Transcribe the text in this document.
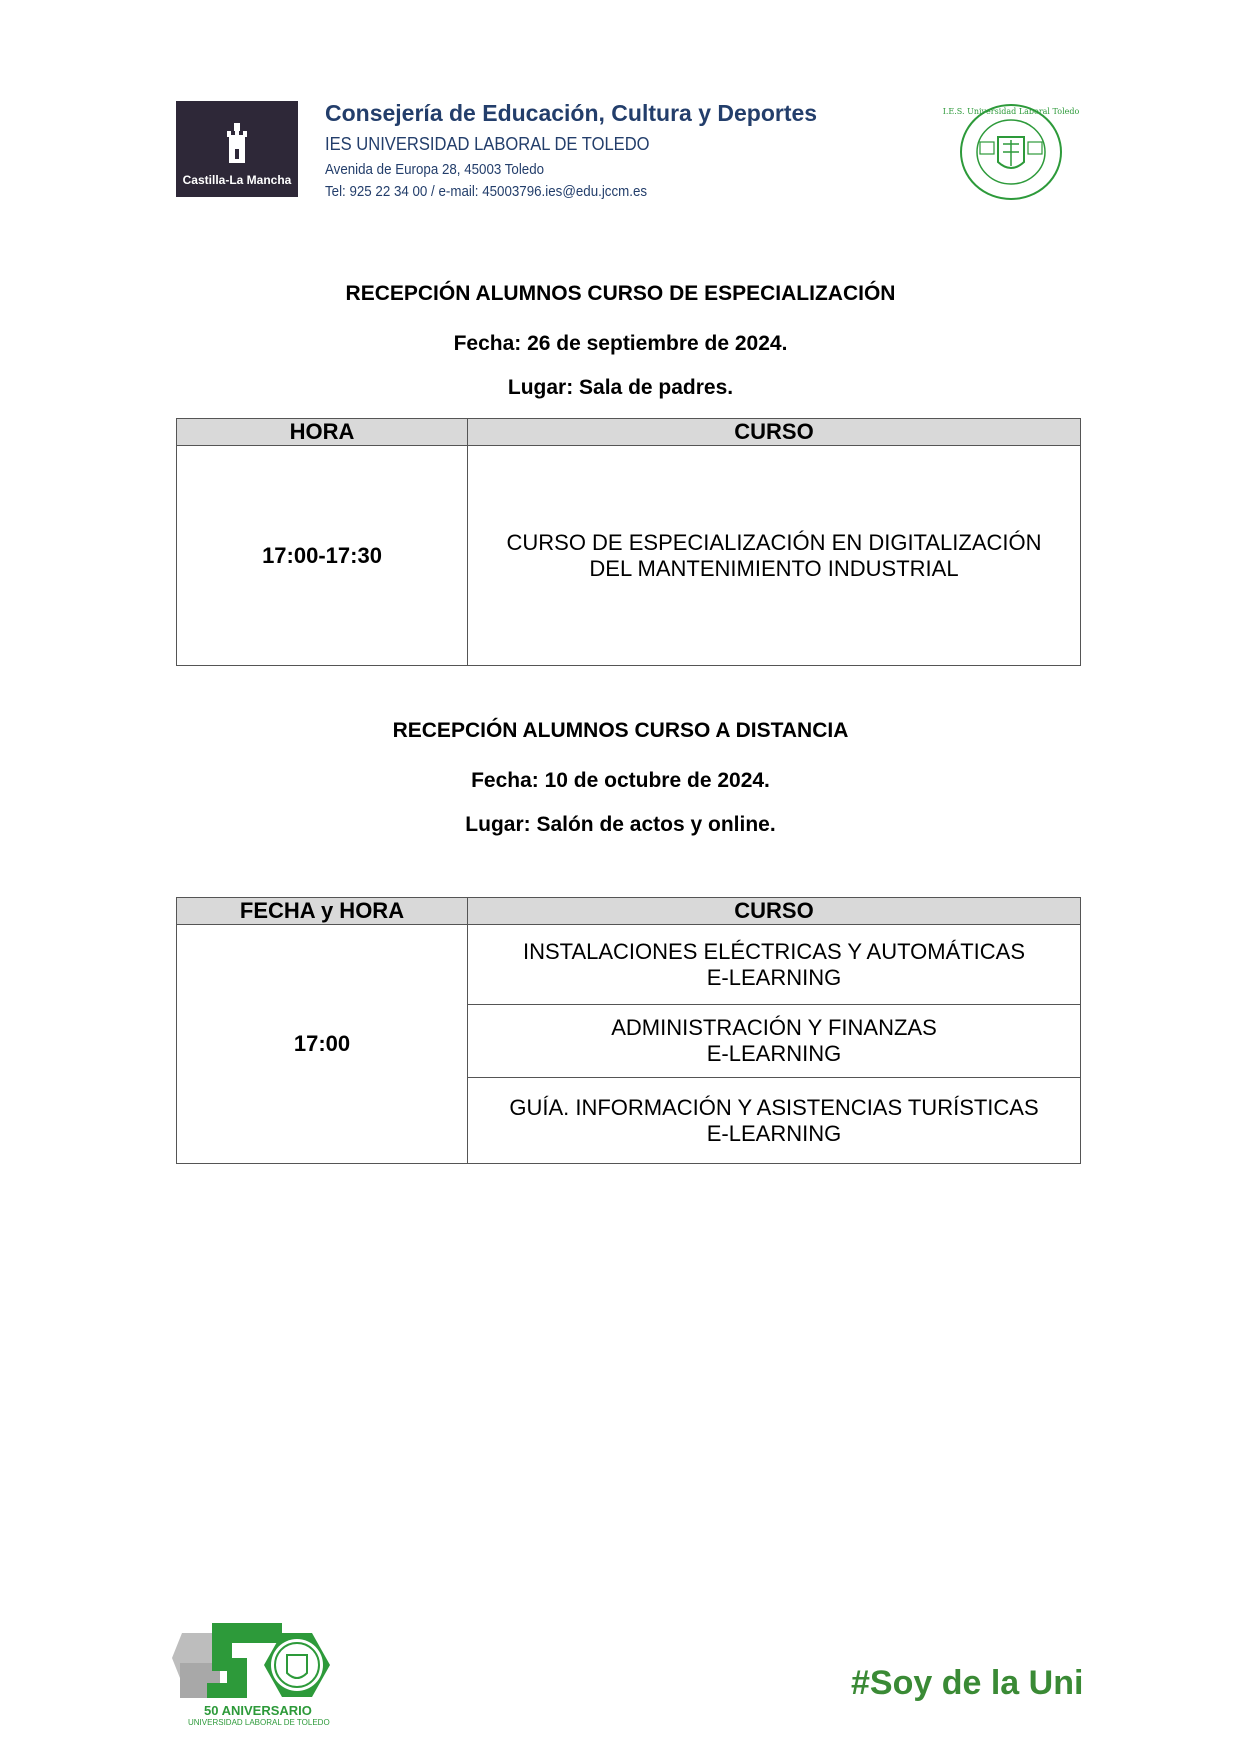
Castilla-La Mancha
Consejería de Educación, Cultura y Deportes
IES UNIVERSIDAD LABORAL DE TOLEDO
Avenida de Europa 28, 45003 Toledo
Tel: 925 22 34 00 / e-mail: 45003796.ies@edu.jccm.es
I.E.S. Universidad Laboral Toledo
RECEPCIÓN ALUMNOS CURSO DE ESPECIALIZACIÓN
Fecha: 26 de septiembre de 2024.
Lugar: Sala de padres.
HORA	CURSO
17:00-17:30	CURSO DE ESPECIALIZACIÓN EN DIGITALIZACIÓN
DEL MANTENIMIENTO INDUSTRIAL
RECEPCIÓN ALUMNOS CURSO A DISTANCIA
Fecha: 10 de octubre de 2024.
Lugar: Salón de actos y online.
FECHA y HORA	CURSO
17:00	INSTALACIONES ELÉCTRICAS Y AUTOMÁTICAS
E-LEARNING

	ADMINISTRACIÓN Y FINANZAS
E-LEARNING

	GUÍA. INFORMACIÓN Y ASISTENCIAS TURÍSTICAS
E-LEARNING
50 ANIVERSARIO
UNIVERSIDAD LABORAL DE TOLEDO
#Soy de la Uni
